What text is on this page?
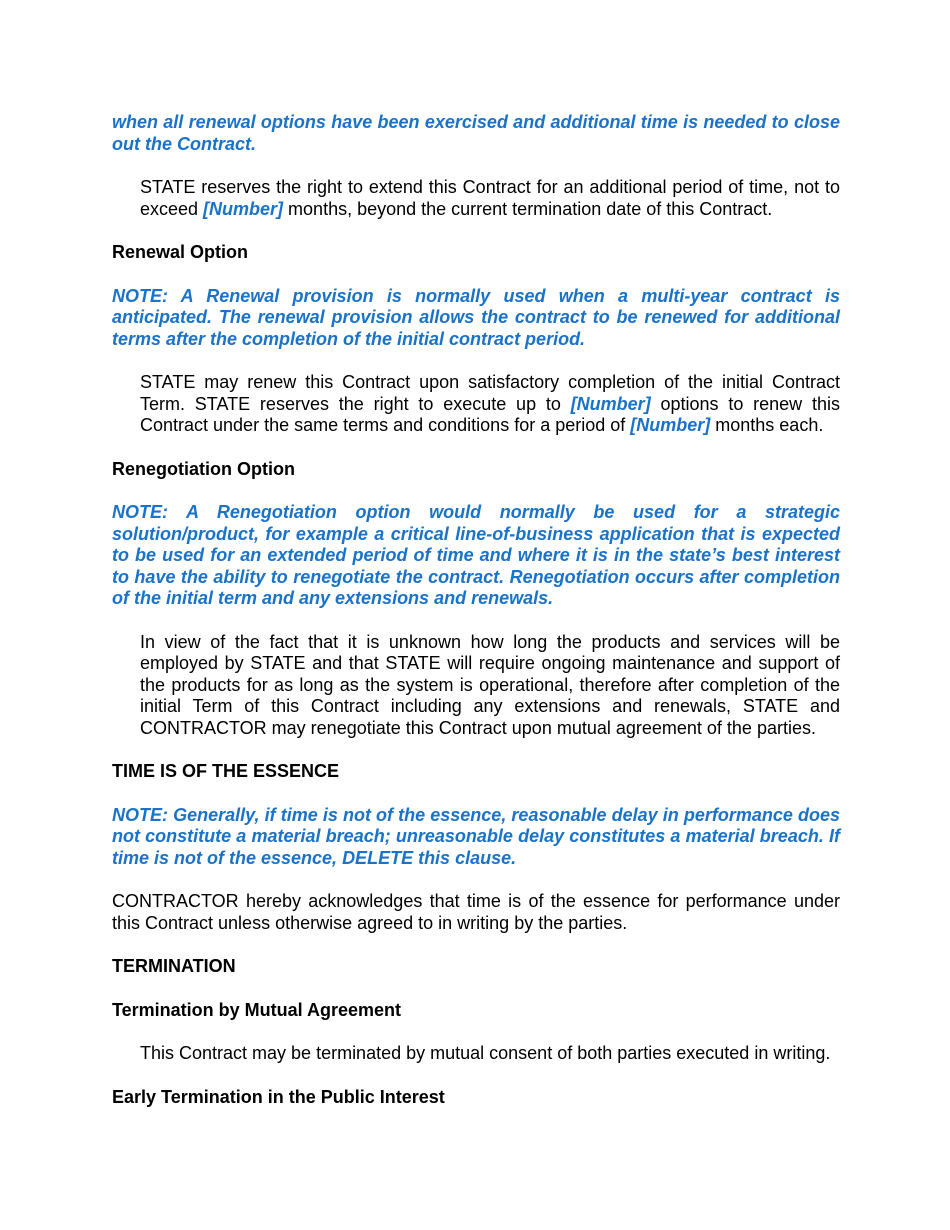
when all renewal options have been exercised and additional time is needed to close out the Contract.

STATE reserves the right to extend this Contract for an additional period of time, not to exceed [Number] months, beyond the current termination date of this Contract.

Renewal Option

NOTE: A Renewal provision is normally used when a multi-year contract is anticipated. The renewal provision allows the contract to be renewed for additional terms after the completion of the initial contract period.

STATE may renew this Contract upon satisfactory completion of the initial Contract Term. STATE reserves the right to execute up to [Number] options to renew this Contract under the same terms and conditions for a period of [Number] months each.

Renegotiation Option

NOTE: A Renegotiation option would normally be used for a strategic solution/product, for example a critical line-of-business application that is expected to be used for an extended period of time and where it is in the state’s best interest to have the ability to renegotiate the contract. Renegotiation occurs after completion of the initial term and any extensions and renewals.

In view of the fact that it is unknown how long the products and services will be employed by STATE and that STATE will require ongoing maintenance and support of the products for as long as the system is operational, therefore after completion of the initial Term of this Contract including any extensions and renewals, STATE and CONTRACTOR may renegotiate this Contract upon mutual agreement of the parties.

TIME IS OF THE ESSENCE

NOTE: Generally, if time is not of the essence, reasonable delay in performance does not constitute a material breach; unreasonable delay constitutes a material breach. If time is not of the essence, DELETE this clause.

CONTRACTOR hereby acknowledges that time is of the essence for performance under this Contract unless otherwise agreed to in writing by the parties.

TERMINATION

Termination by Mutual Agreement

This Contract may be terminated by mutual consent of both parties executed in writing.

Early Termination in the Public Interest
